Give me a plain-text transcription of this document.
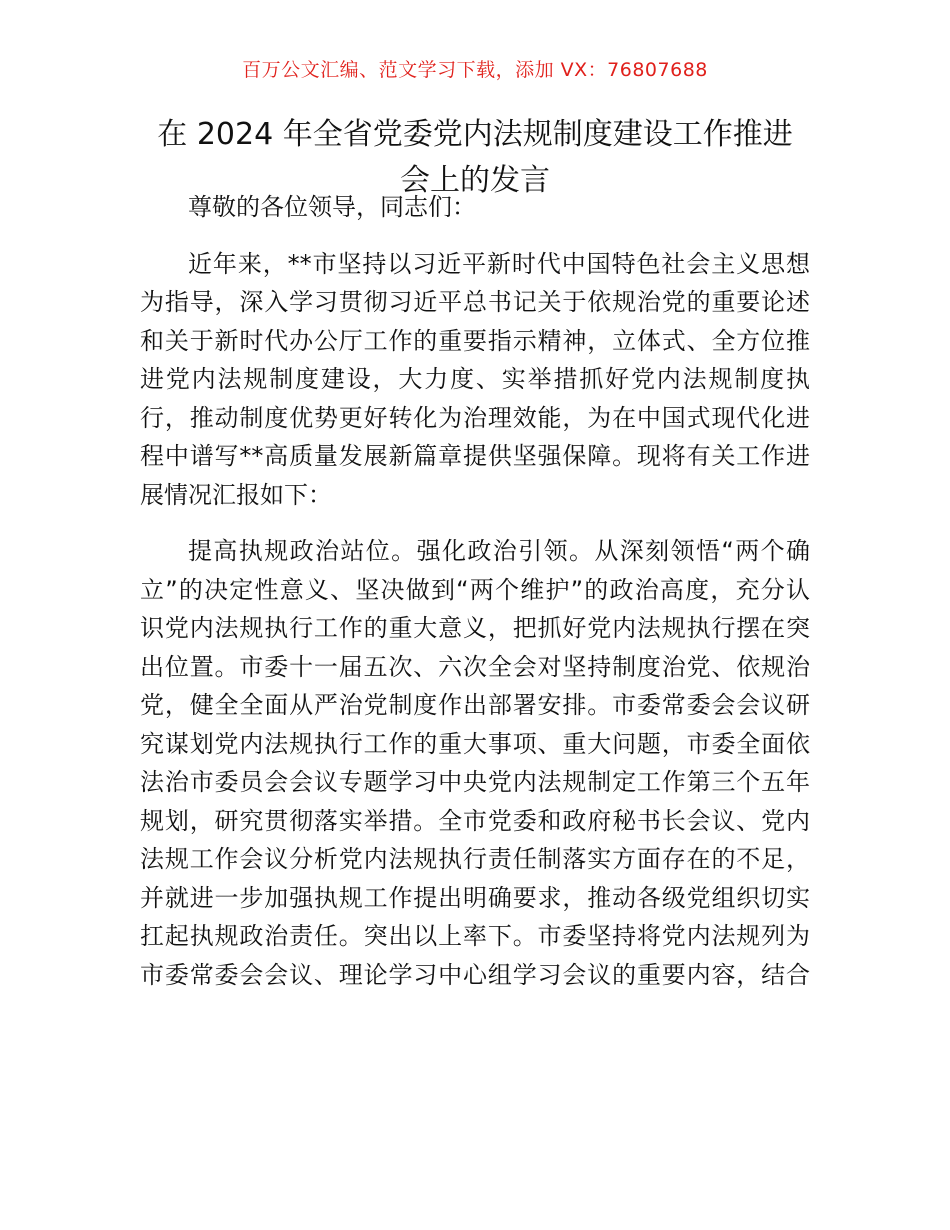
百万公文汇编、范文学习下载，添加 VX：76807688
在 2024 年全省党委党内法规制度建设工作推进
会上的发言

尊敬的各位领导，同志们：

近年来，**市坚持以习近平新时代中国特色社会主义思想
为指导，深入学习贯彻习近平总书记关于依规治党的重要论述
和关于新时代办公厅工作的重要指示精神，立体式、全方位推
进党内法规制度建设，大力度、实举措抓好党内法规制度执
行，推动制度优势更好转化为治理效能，为在中国式现代化进
程中谱写**高质量发展新篇章提供坚强保障。现将有关工作进
展情况汇报如下：

提高执规政治站位。强化政治引领。从深刻领悟“两个确
立”的决定性意义、坚决做到“两个维护”的政治高度，充分认
识党内法规执行工作的重大意义，把抓好党内法规执行摆在突
出位置。市委十一届五次、六次全会对坚持制度治党、依规治
党，健全全面从严治党制度作出部署安排。市委常委会会议研
究谋划党内法规执行工作的重大事项、重大问题，市委全面依
法治市委员会会议专题学习中央党内法规制定工作第三个五年
规划，研究贯彻落实举措。全市党委和政府秘书长会议、党内
法规工作会议分析党内法规执行责任制落实方面存在的不足，
并就进一步加强执规工作提出明确要求，推动各级党组织切实
扛起执规政治责任。突出以上率下。市委坚持将党内法规列为
市委常委会会议、理论学习中心组学习会议的重要内容，结合
